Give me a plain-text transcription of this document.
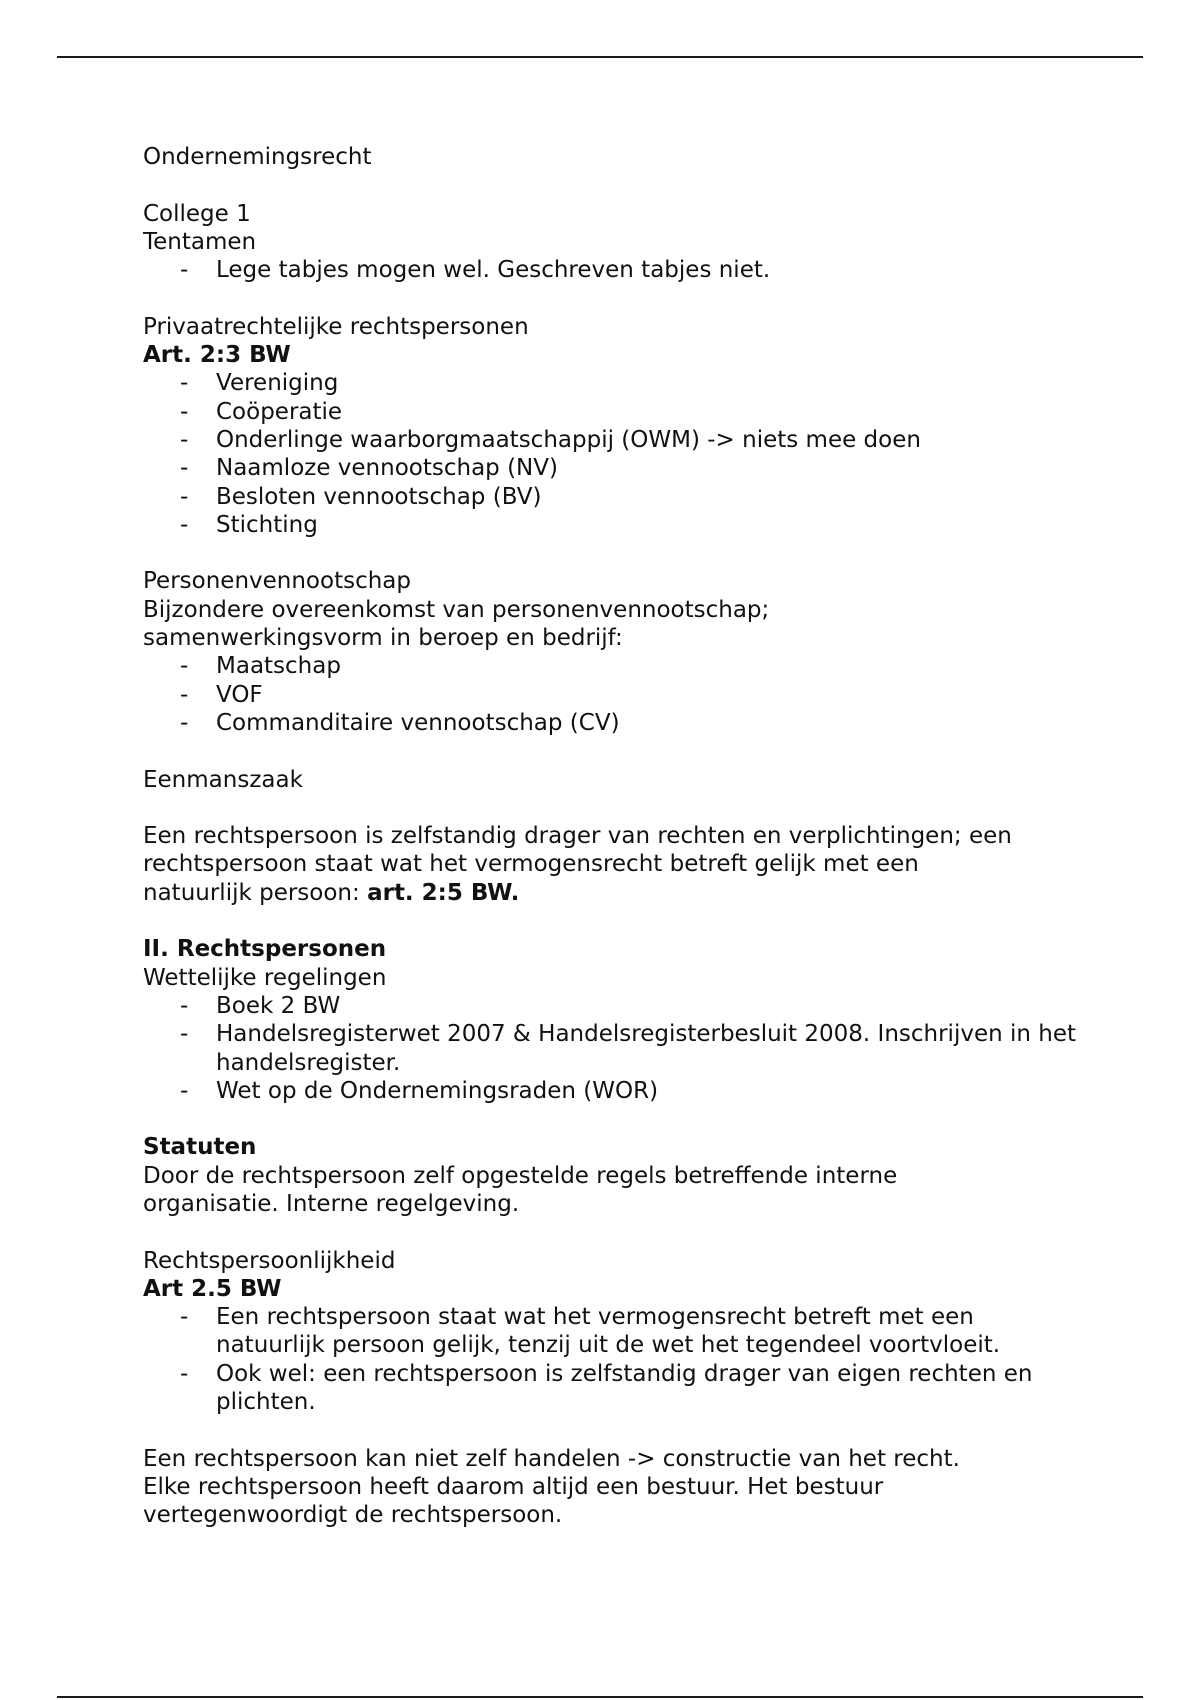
Ondernemingsrecht

College 1

Tentamen

- Lege tabjes mogen wel. Geschreven tabjes niet.

Privaatrechtelijke rechtspersonen

Art. 2:3 BW

- Vereniging
- Coöperatie
- Onderlinge waarborgmaatschappij (OWM) -> niets mee doen
- Naamloze vennootschap (NV)
- Besloten vennootschap (BV)
- Stichting

Personenvennootschap

Bijzondere overeenkomst van personenvennootschap;

samenwerkingsvorm in beroep en bedrijf:

- Maatschap
- VOF
- Commanditaire vennootschap (CV)

Eenmanszaak

Een rechtspersoon is zelfstandig drager van rechten en verplichtingen; een

rechtspersoon staat wat het vermogensrecht betreft gelijk met een

natuurlijk persoon: art. 2:5 BW.

II. Rechtspersonen

Wettelijke regelingen

- Boek 2 BW
- Handelsregisterwet 2007 & Handelsregisterbesluit 2008. Inschrijven in het handelsregister.
- Wet op de Ondernemingsraden (WOR)

Statuten

Door de rechtspersoon zelf opgestelde regels betreffende interne

organisatie. Interne regelgeving.

Rechtspersoonlijkheid

Art 2.5 BW

- Een rechtspersoon staat wat het vermogensrecht betreft met een natuurlijk persoon gelijk, tenzij uit de wet het tegendeel voortvloeit.
- Ook wel: een rechtspersoon is zelfstandig drager van eigen rechten en plichten.

Een rechtspersoon kan niet zelf handelen -> constructie van het recht.

Elke rechtspersoon heeft daarom altijd een bestuur. Het bestuur

vertegenwoordigt de rechtspersoon.
